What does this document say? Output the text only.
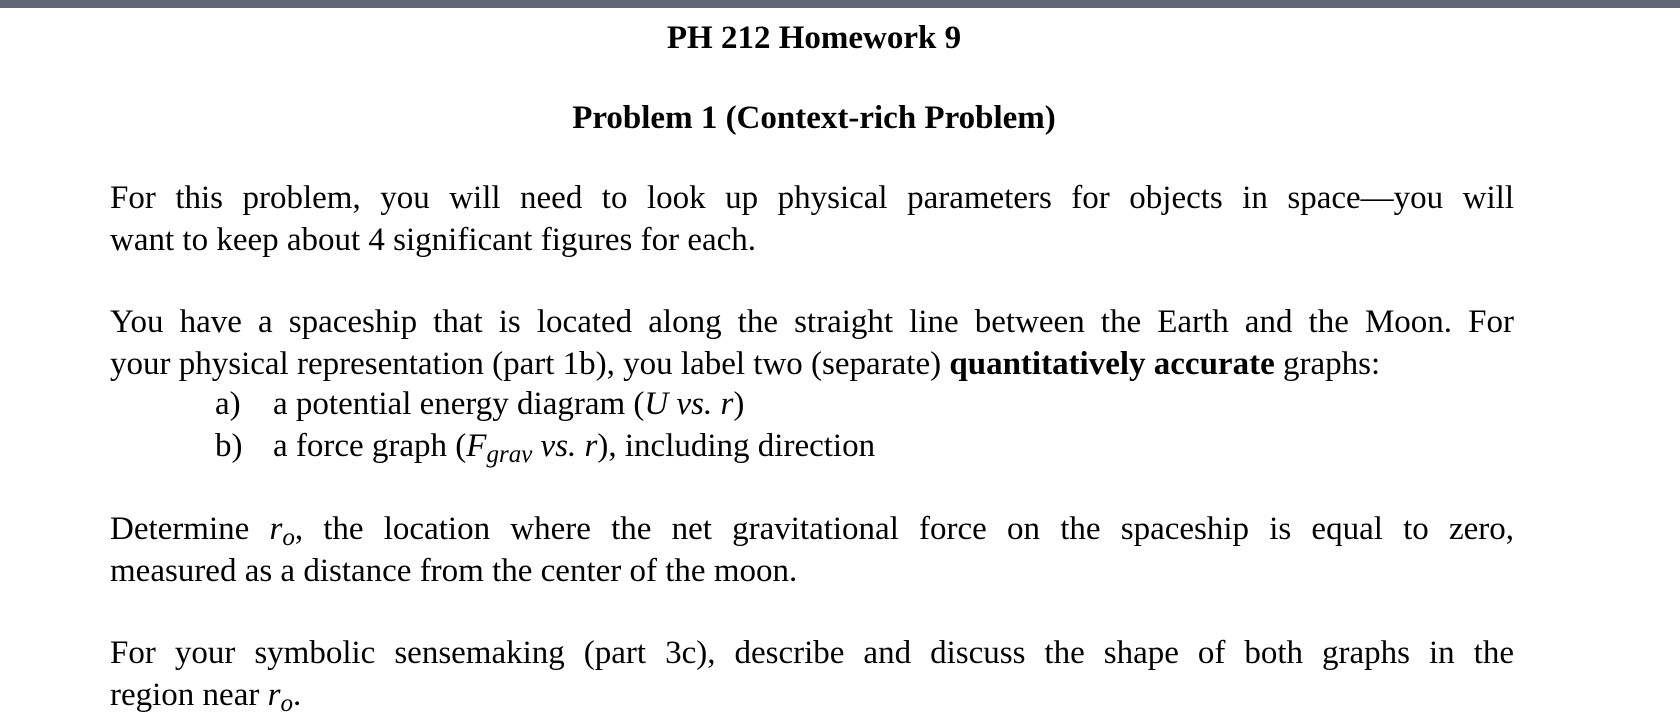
PH 212 Homework 9
Problem 1 (Context-rich Problem)

For this problem, you will need to look up physical parameters for objects in space—you will
want to keep about 4 significant figures for each.

You have a spaceship that is located along the straight line between the Earth and the Moon. For
your physical representation (part 1b), you label two (separate) quantitatively accurate graphs:

a) a potential energy diagram (U vs. r)
b) a force graph ($F_{grav}$ vs. r), including direction

Determine $r_o$, the location where the net gravitational force on the spaceship is equal to zero,
measured as a distance from the center of the moon.

For your symbolic sensemaking (part 3c), describe and discuss the shape of both graphs in the
region near $r_o$.
